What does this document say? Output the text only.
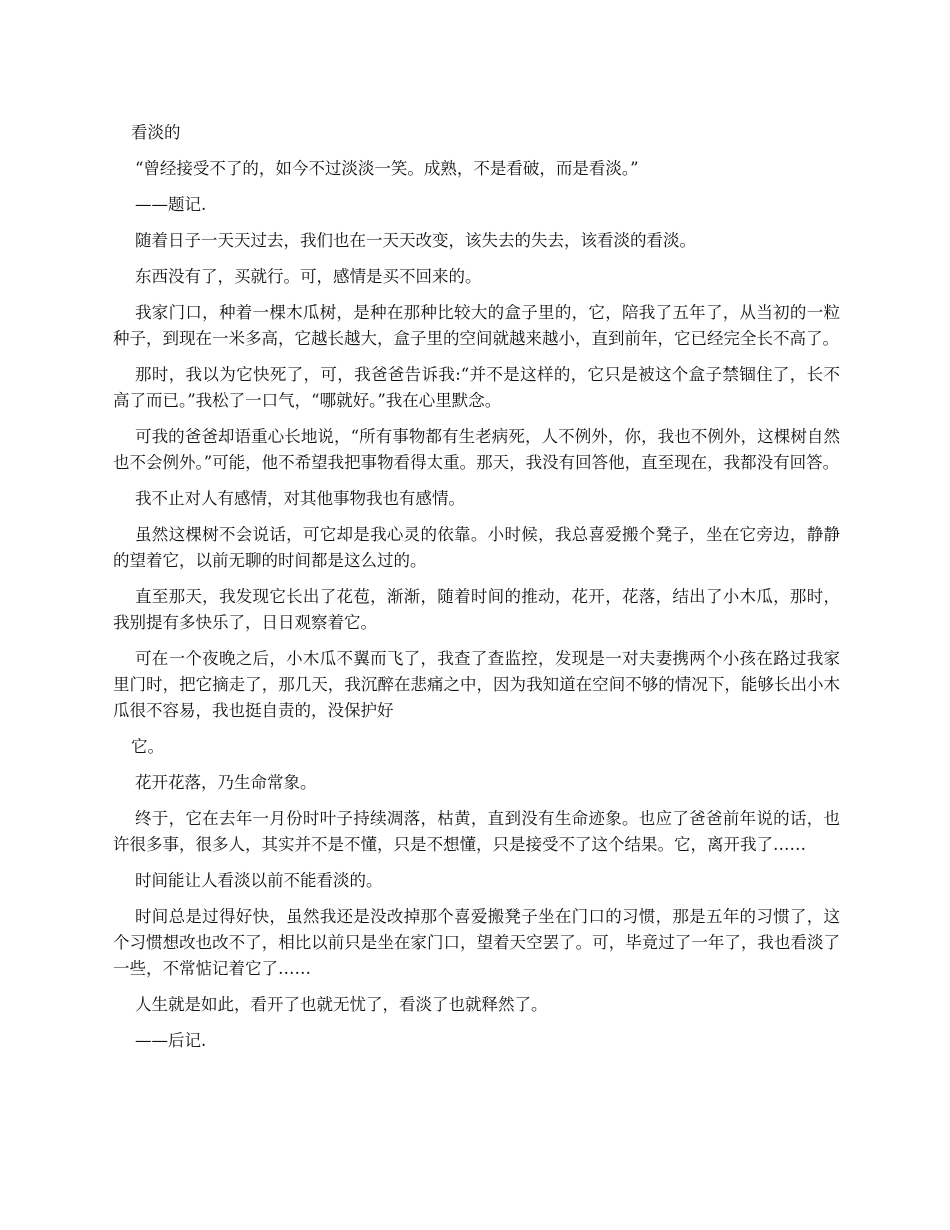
看淡的

“曾经接受不了的，如今不过淡淡一笑。成熟，不是看破，而是看淡。”

——题记.

随着日子一天天过去，我们也在一天天改变，该失去的失去，该看淡的看淡。

东西没有了，买就行。可，感情是买不回来的。

我家门口，种着一棵木瓜树，是种在那种比较大的盒子里的，它，陪我了五年了，从当初的一粒种子，到现在一米多高，它越长越大，盒子里的空间就越来越小，直到前年，它已经完全长不高了。

那时，我以为它快死了，可，我爸爸告诉我:“并不是这样的，它只是被这个盒子禁锢住了，长不高了而已。”我松了一口气，“哪就好。”我在心里默念。

可我的爸爸却语重心长地说，“所有事物都有生老病死，人不例外，你，我也不例外，这棵树自然也不会例外。”可能，他不希望我把事物看得太重。那天，我没有回答他，直至现在，我都没有回答。

我不止对人有感情，对其他事物我也有感情。

虽然这棵树不会说话，可它却是我心灵的依靠。小时候，我总喜爱搬个凳子，坐在它旁边，静静的望着它，以前无聊的时间都是这么过的。

直至那天，我发现它长出了花苞，渐渐，随着时间的推动，花开，花落，结出了小木瓜，那时，我别提有多快乐了，日日观察着它。

可在一个夜晚之后，小木瓜不翼而飞了，我查了查监控，发现是一对夫妻携两个小孩在路过我家里门时，把它摘走了，那几天，我沉醉在悲痛之中，因为我知道在空间不够的情况下，能够长出小木瓜很不容易，我也挺自责的，没保护好

它。

花开花落，乃生命常象。

终于，它在去年一月份时叶子持续凋落，枯黄，直到没有生命迹象。也应了爸爸前年说的话，也许很多事，很多人，其实并不是不懂，只是不想懂，只是接受不了这个结果。它，离开我了……

时间能让人看淡以前不能看淡的。

时间总是过得好快，虽然我还是没改掉那个喜爱搬凳子坐在门口的习惯，那是五年的习惯了，这个习惯想改也改不了，相比以前只是坐在家门口，望着天空罢了。可，毕竟过了一年了，我也看淡了一些，不常惦记着它了……

人生就是如此，看开了也就无忧了，看淡了也就释然了。

——后记.
